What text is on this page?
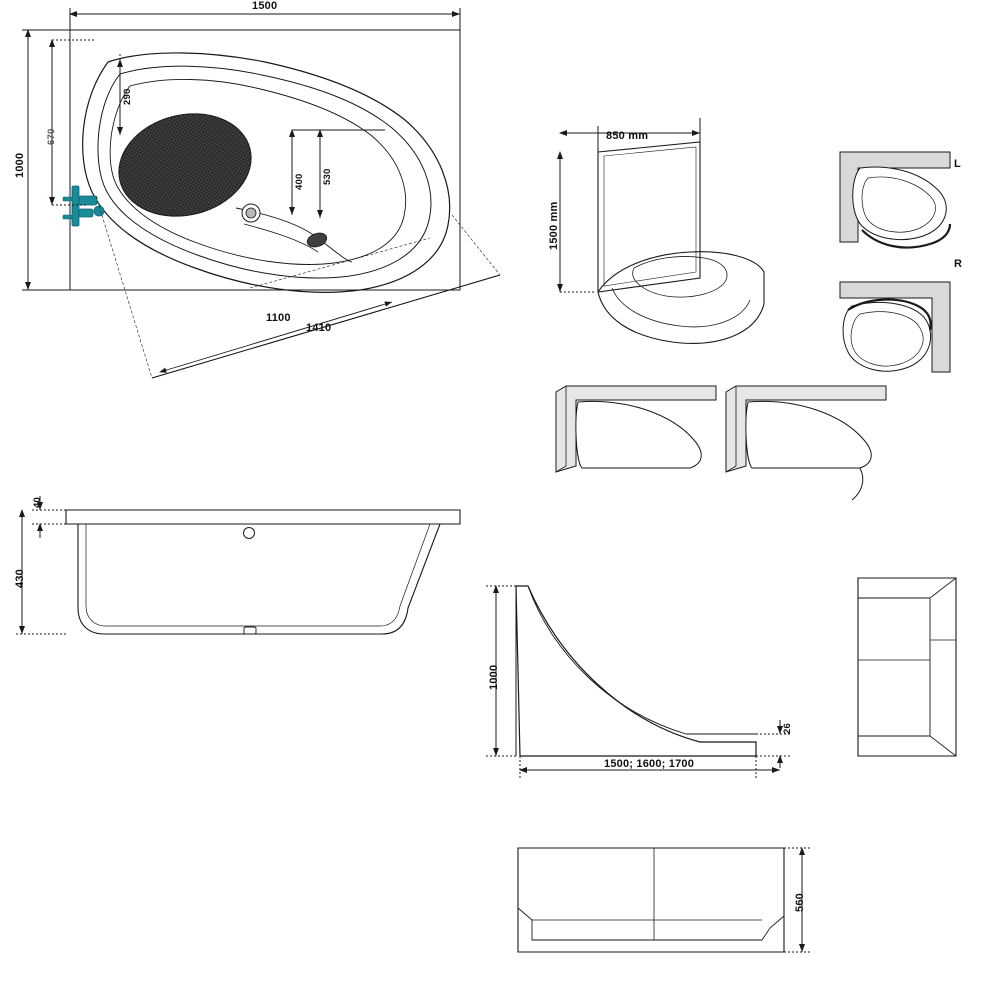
1500
1000
670
290
400 530
1100
1410
850 mm
1500 mm
L
R
40
430
1000
1500; 1600; 1700
26
560
